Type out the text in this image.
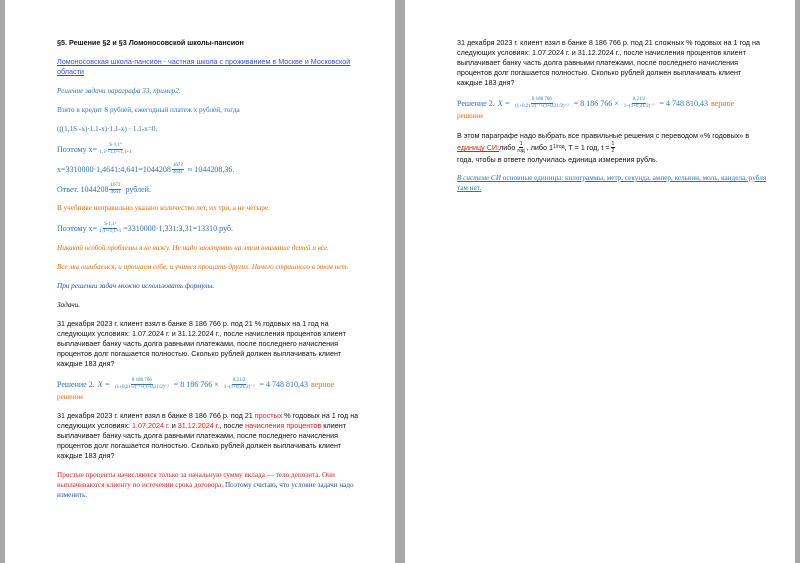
§5. Решение §2 и §3 Ломоносовской школы-пансион

Ломоносовская школа-пансион - частная школа с проживанием в Москве и Московской области

Решение задачи параграфа 33, пример2.

Взято в кредит S рублей, ежегодный платеж x рублей, тогда

(((1,1S -x)·1,1-x)·1.1-x) · 1.1-x=0,

Поэтому $x= \frac{\text{S·1,1⁴}}{\text{1,1³+1,1²+1,1+1}}$
x=3310000·1,4641:4,641=1044208 $\frac{1672}{4641} \approx 1044208,36$.
Ответ. $1044208 \frac{1672}{4641}$ рублей.

В учебнике неправильно указано количество лет, их три, а не четыре.

Поэтому $x= \frac{\text{S·1,1³}}{\text{1,1²+1,1+1}}$ =3310000·1,331:3,31=13310 руб.

Никакой особой проблемы я не вижу. Не надо заострять на этом внимание детей и все.

Все мы ошибаемся, и прощаем себя, и учимся прощать других. Ничего страшного в этом нет.

При решении задач можно использовать формулы.

Задачи.

31 декабря 2023 г. клиент взял в банке 8 186 766 р. под 21 % годовых на 1 год на следующих условиях: 1.07.2024 г. и 31.12.2024 г., после начисления процентов клиент выплачивает банку часть долга равными платежами, после последнего начисления процентов долг погашается полностью. Сколько рублей должен выплачивать клиент каждые 183 дня?

Решение 2. $X = \frac{8 186 766}{\text{(1+0,21/2)⁻¹+(1+0,21/2)⁻²}} = 8$ 186 $766 \times \frac{0,21/2}{\text{1−(1+0,21/2)⁻²}} = 4$ 748 810,43 верное

решение

31 декабря 2023 г. клиент взял в банке 8 186 766 р. под 21 простых % годовых на 1 год на следующих условиях: 1.07.2024 г. и 31.12.2024 г., после начисления процентов клиент выплачивает банку часть долга равными платежами, после последнего начисления процентов долг погашается полностью. Сколько рублей должен выплачивать клиент каждые 183 дня?

Простые проценты начисляются только за начальную сумму вклада — тело депозита. Они выплачиваются клиенту по истечении срока договора. Поэтому считаю, что условие задачи надо изменить.

31 декабря 2023 г. клиент взял в банке 8 186 766 р. под 21 сложных % годовых на 1 год на следующих условиях: 1.07.2024 г. и 31.12.2024 г., после начисления процентов клиент выплачивает банку часть долга равными платежами, после последнего начисления процентов долг погашается полностью. Сколько рублей должен выплачивать клиент каждые 183 дня?

Решение 2. $X = \frac{8 186 766}{\text{(1+0,21/2)⁻¹+(1+0,21/2)⁻²}} = 8$ 186 $766 \times \frac{0,21/2}{\text{1−(1+0,21/2)⁻²}} = 4$ 748 810,43 верное

решение

В этом параграфе надо выбрать все правильные решения с переводом «% годовых» в
единицу СИ: либо $\frac{1}{\text{год}}$ , либо 1 1/год , T = 1 год, $t = \frac{1}{2}$
года, чтобы в ответе получилась единица измерения рубль.

В системе СИ основные единицы: килограммы, метр, секунда, ампер, кельвин, моль, кандела, рубля там нет.
